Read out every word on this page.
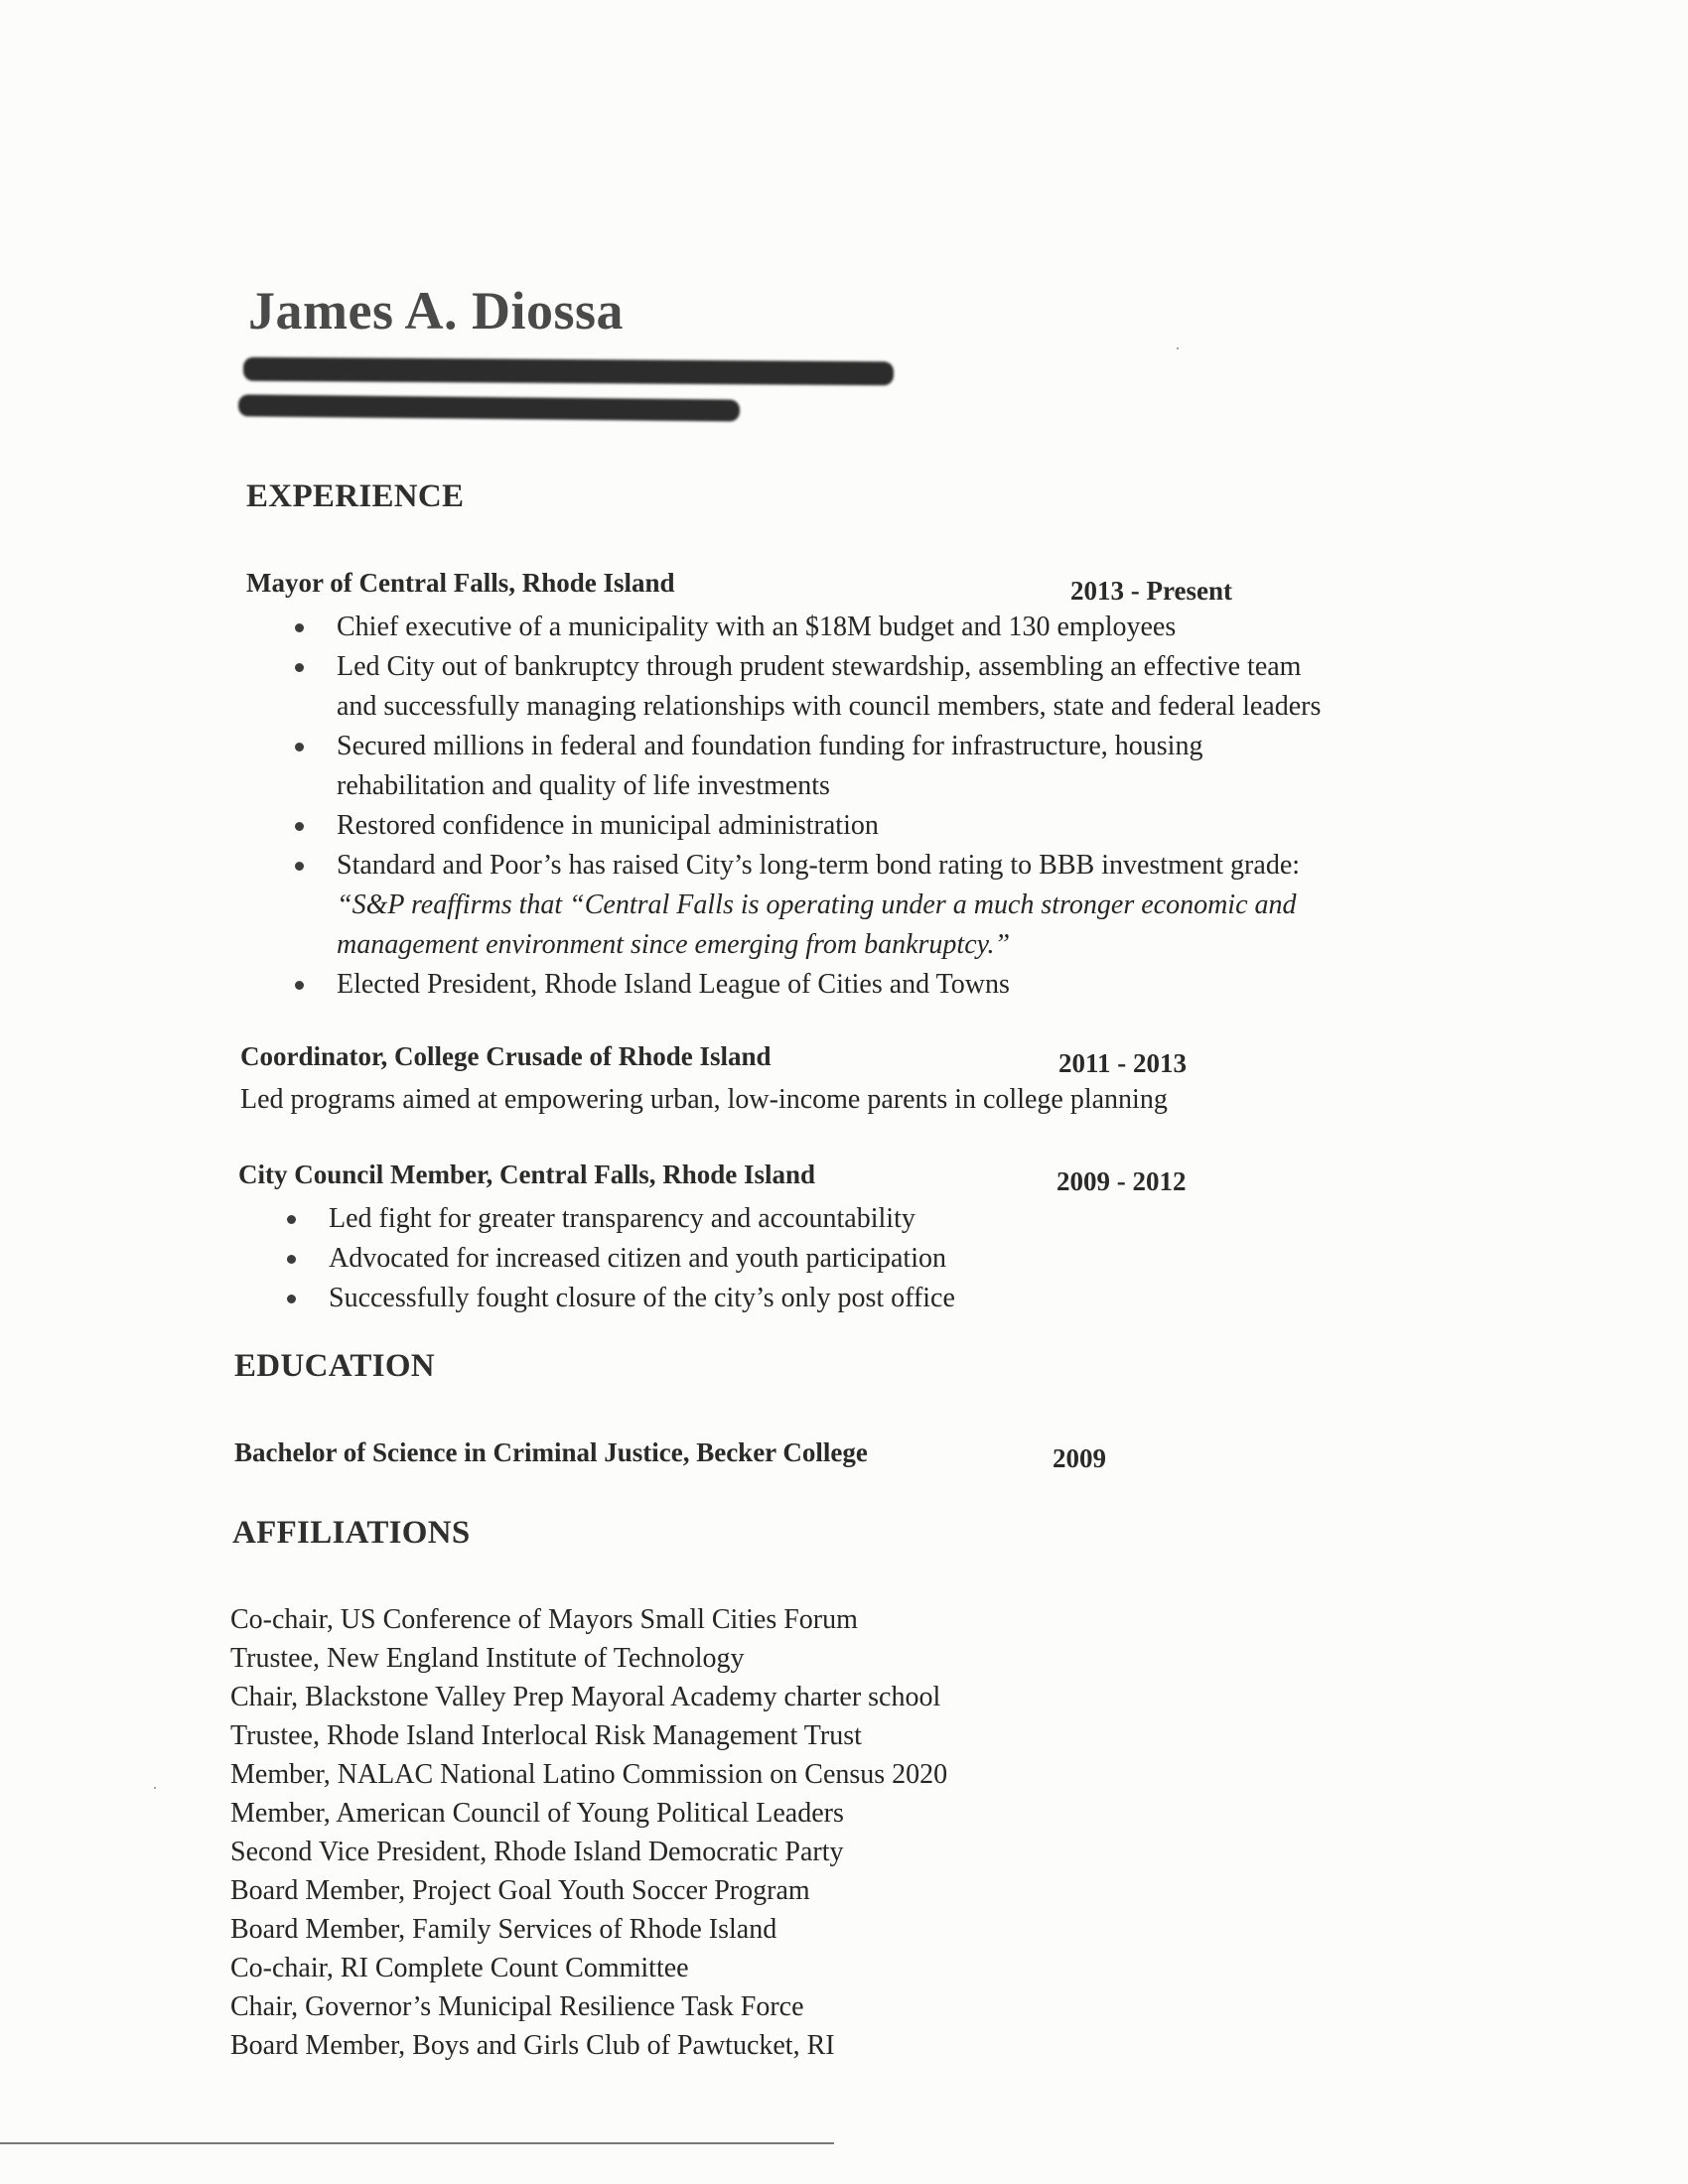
James A. Diossa
EXPERIENCE
Mayor of Central Falls, Rhode Island	2013 - Present
Chief executive of a municipality with an $18M budget and 130 employees
Led City out of bankruptcy through prudent stewardship, assembling an effective team
and successfully managing relationships with council members, state and federal leaders
Secured millions in federal and foundation funding for infrastructure, housing
rehabilitation and quality of life investments
Restored confidence in municipal administration
Standard and Poor’s has raised City’s long-term bond rating to BBB investment grade:
“S&P reaffirms that “Central Falls is operating under a much stronger economic and
management environment since emerging from bankruptcy.”
Elected President, Rhode Island League of Cities and Towns
Coordinator, College Crusade of Rhode Island	2011 - 2013
Led programs aimed at empowering urban, low-income parents in college planning
City Council Member, Central Falls, Rhode Island	2009 - 2012
Led fight for greater transparency and accountability
Advocated for increased citizen and youth participation
Successfully fought closure of the city’s only post office
EDUCATION
Bachelor of Science in Criminal Justice, Becker College	2009
AFFILIATIONS
Co-chair, US Conference of Mayors Small Cities Forum
Trustee, New England Institute of Technology
Chair, Blackstone Valley Prep Mayoral Academy charter school
Trustee, Rhode Island Interlocal Risk Management Trust
Member, NALAC National Latino Commission on Census 2020
Member, American Council of Young Political Leaders
Second Vice President, Rhode Island Democratic Party
Board Member, Project Goal Youth Soccer Program
Board Member, Family Services of Rhode Island
Co-chair, RI Complete Count Committee
Chair, Governor’s Municipal Resilience Task Force
Board Member, Boys and Girls Club of Pawtucket, RI
